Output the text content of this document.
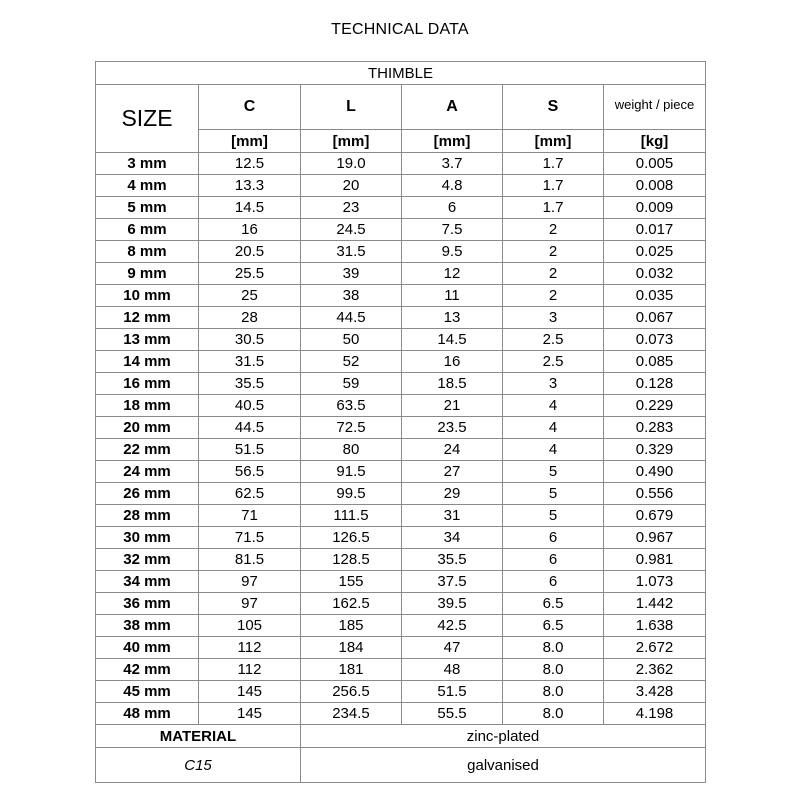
TECHNICAL DATA
THIMBLE					
SIZE	C	L	A	S	weight / piece
	[mm]	[mm]	[mm]	[mm]	[kg]
3 mm	12.5	19.0	3.7	1.7	0.005
4 mm	13.3	20	4.8	1.7	0.008
5 mm	14.5	23	6	1.7	0.009
6 mm	16	24.5	7.5	2	0.017
8 mm	20.5	31.5	9.5	2	0.025
9 mm	25.5	39	12	2	0.032
10 mm	25	38	11	2	0.035
12 mm	28	44.5	13	3	0.067
13 mm	30.5	50	14.5	2.5	0.073
14 mm	31.5	52	16	2.5	0.085
16 mm	35.5	59	18.5	3	0.128
18 mm	40.5	63.5	21	4	0.229
20 mm	44.5	72.5	23.5	4	0.283
22 mm	51.5	80	24	4	0.329
24 mm	56.5	91.5	27	5	0.490
26 mm	62.5	99.5	29	5	0.556
28 mm	71	111.5	31	5	0.679
30 mm	71.5	126.5	34	6	0.967
32 mm	81.5	128.5	35.5	6	0.981
34 mm	97	155	37.5	6	1.073
36 mm	97	162.5	39.5	6.5	1.442
38 mm	105	185	42.5	6.5	1.638
40 mm	112	184	47	8.0	2.672
42 mm	112	181	48	8.0	2.362
45 mm	145	256.5	51.5	8.0	3.428
48 mm	145	234.5	55.5	8.0	4.198
MATERIAL		zinc-plated			
C15		galvanised			
